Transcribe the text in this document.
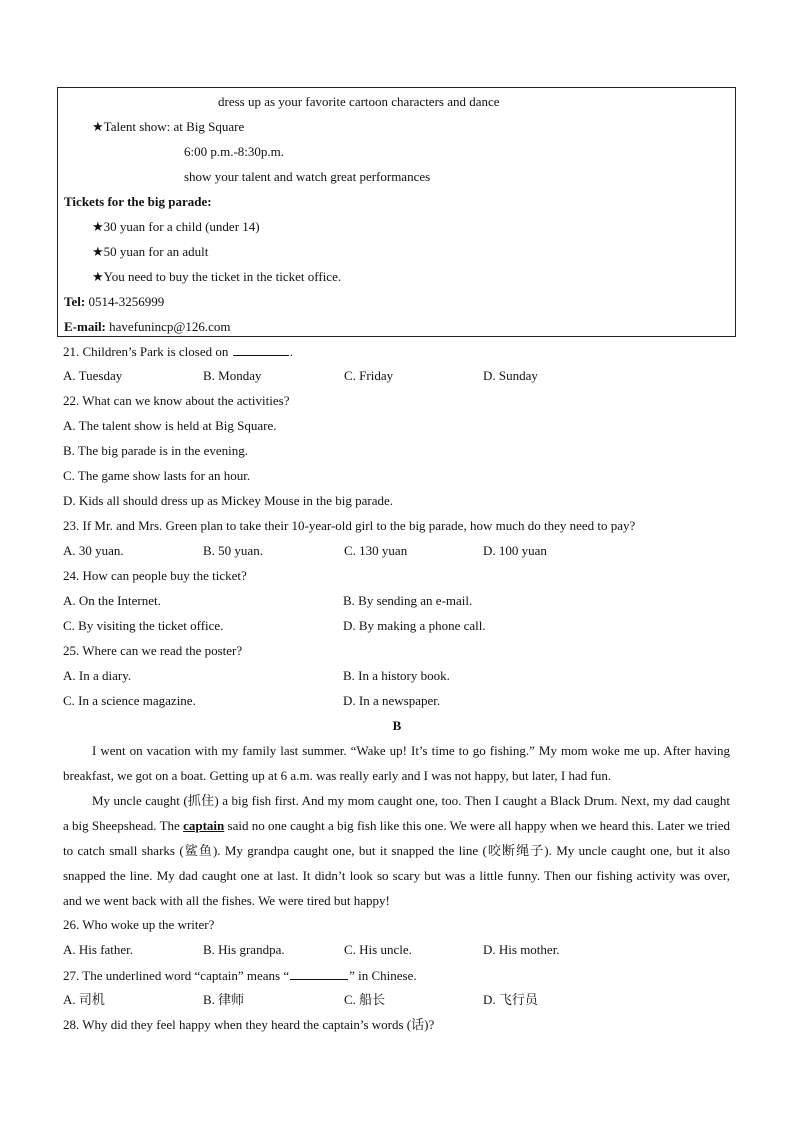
dress up as your favorite cartoon characters and dance
★Talent show: at Big Square
6:00 p.m.-8:30p.m.
show your talent and watch great performances
Tickets for the big parade:
★30 yuan for a child (under 14)
★50 yuan for an adult
★You need to buy the ticket in the ticket office.
Tel: 0514-3256999
E-mail: havefunincp@126.com
21. Children’s Park is closed on	.
A. Tuesday	B. Monday	C. Friday	D. Sunday
22. What can we know about the activities?
A. The talent show is held at Big Square.
B. The big parade is in the evening.
C. The game show lasts for an hour.
D. Kids all should dress up as Mickey Mouse in the big parade.
23. If Mr. and Mrs. Green plan to take their 10-year-old girl to the big parade, how much do they need to pay?
A. 30 yuan.	B. 50 yuan.	C. 130 yuan	D. 100 yuan
24. How can people buy the ticket?
A. On the Internet.	B. By sending an e-mail.
C. By visiting the ticket office.	D. By making a phone call.
25. Where can we read the poster?
A. In a diary.	B. In a history book.
C. In a science magazine.	D. In a newspaper.
B

I went on vacation with my family last summer. “Wake up! It’s time to go fishing.” My mom woke me up. After having breakfast, we got on a boat. Getting up at 6 a.m. was really early and I was not happy, but later, I had fun.

My uncle caught (抓住) a big fish first. And my mom caught one, too. Then I caught a Black Drum. Next, my dad caught a big Sheepshead. The captain said no one caught a big fish like this one. We were all happy when we heard this. Later we tried to catch small sharks (鲨鱼). My grandpa caught one, but it snapped the line (咬断绳子). My uncle caught one, but it also snapped the line. My dad caught one at last. It didn’t look so scary but was a little funny. Then our fishing activity was over, and we went back with all the fishes. We were tired but happy!

26. Who woke up the writer?
A. His father.	B. His grandpa.	C. His uncle.	D. His mother.
27. The underlined word “captain” means “	” in Chinese.
A. 司机	B. 律师	C. 船长	D. 飞行员
28. Why did they feel happy when they heard the captain’s words (话)?
